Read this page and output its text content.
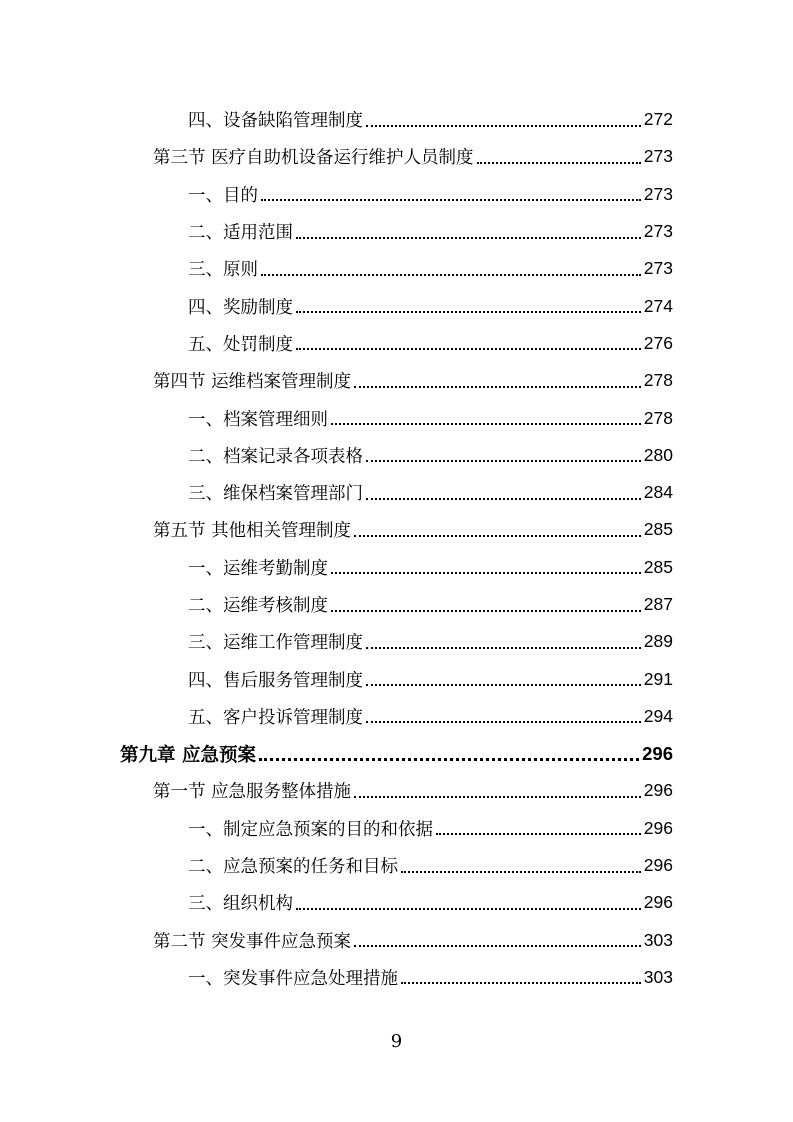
四、设备缺陷管理制度	272
第三节 医疗自助机设备运行维护人员制度	273
一、目的	273
二、适用范围	273
三、原则	273
四、奖励制度	274
五、处罚制度	276
第四节 运维档案管理制度	278
一、档案管理细则	278
二、档案记录各项表格	280
三、维保档案管理部门	284
第五节 其他相关管理制度	285
一、运维考勤制度	285
二、运维考核制度	287
三、运维工作管理制度	289
四、售后服务管理制度	291
五、客户投诉管理制度	294
第九章 应急预案	296
第一节 应急服务整体措施	296
一、制定应急预案的目的和依据	296
二、应急预案的任务和目标	296
三、组织机构	296
第二节 突发事件应急预案	303
一、突发事件应急处理措施	303
9
